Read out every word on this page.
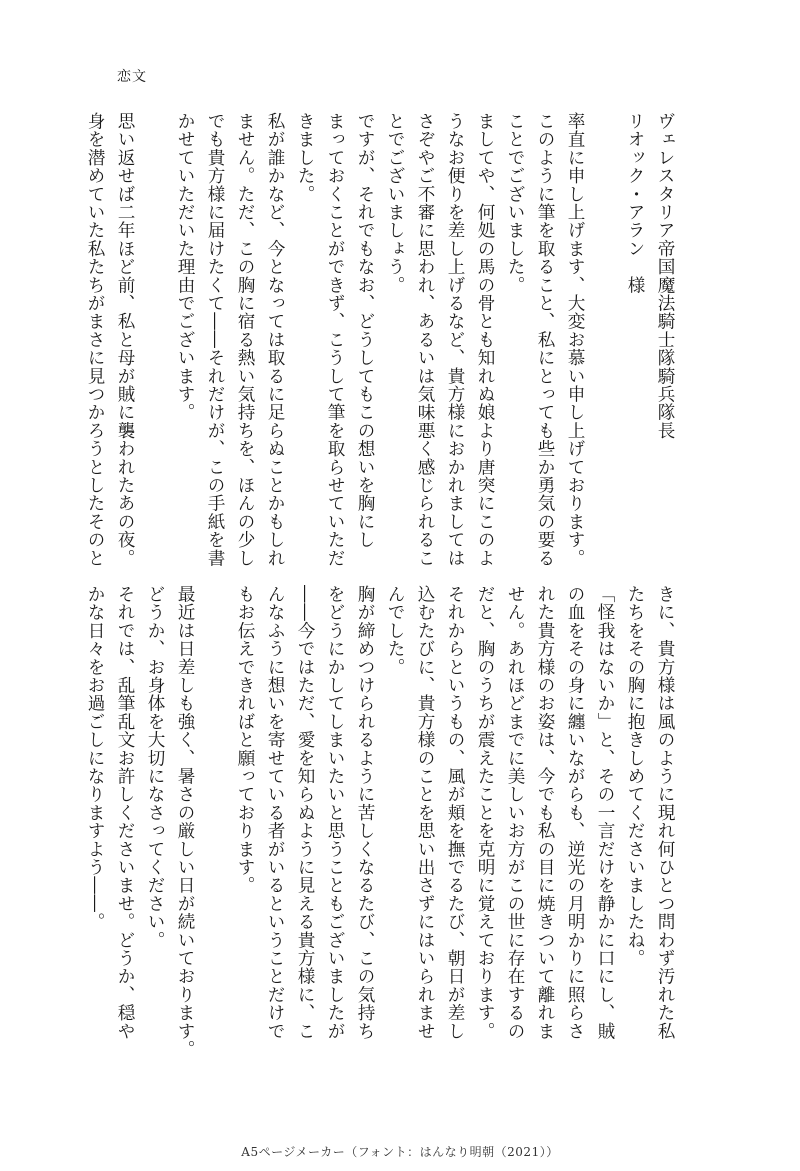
恋文
ヴェレスタリア帝国魔法騎士隊騎兵隊長
リオック・アラン　様
率直に申し上げます、大変お慕い申し上げております。
このように筆を取ること、私にとっても些か勇気の要る
ことでございました。
ましてや、何処の馬の骨とも知れぬ娘より唐突にこのよ
うなお便りを差し上げるなど、貴方様におかれましては
さぞやご不審に思われ、あるいは気味悪く感じられるこ
とでございましょう。
ですが、それでもなお、どうしてもこの想いを胸にし
まっておくことができず、こうして筆を取らせていただ
きました。
私が誰かなど、今となっては取るに足らぬことかもしれ
ません。ただ、この胸に宿る熱い気持ちを、ほんの少し
でも貴方様に届けたくて――それだけが、この手紙を書
かせていただいた理由でございます。
思い返せば二年ほど前、私と母が賊に襲われたあの夜。
身を潜めていた私たちがまさに見つかろうとしたそのと
きに、貴方様は風のように現れ何ひとつ問わず汚れた私
たちをその胸に抱きしめてくださいましたね。
「怪我はないか」と、その一言だけを静かに口にし、賊
の血をその身に纏いながらも、逆光の月明かりに照らさ
れた貴方様のお姿は、今でも私の目に焼きついて離れま
せん。あれほどまでに美しいお方がこの世に存在するの
だと、胸のうちが震えたことを克明に覚えております。
それからというもの、風が頬を撫でるたび、朝日が差し
込むたびに、貴方様のことを思い出さずにはいられませ
んでした。
胸が締めつけられるように苦しくなるたび、この気持ち
をどうにかしてしまいたいと思うこともございましたが
――今ではただ、愛を知らぬように見える貴方様に、こ
んなふうに想いを寄せている者がいるということだけで
もお伝えできればと願っております。
最近は日差しも強く、暑さの厳しい日が続いております。
どうか、お身体を大切になさってください。
それでは、乱筆乱文お許しくださいませ。どうか、穏や
かな日々をお過ごしになりますよう――。
A5ページメーカー（フォント：はんなり明朝（2021））
